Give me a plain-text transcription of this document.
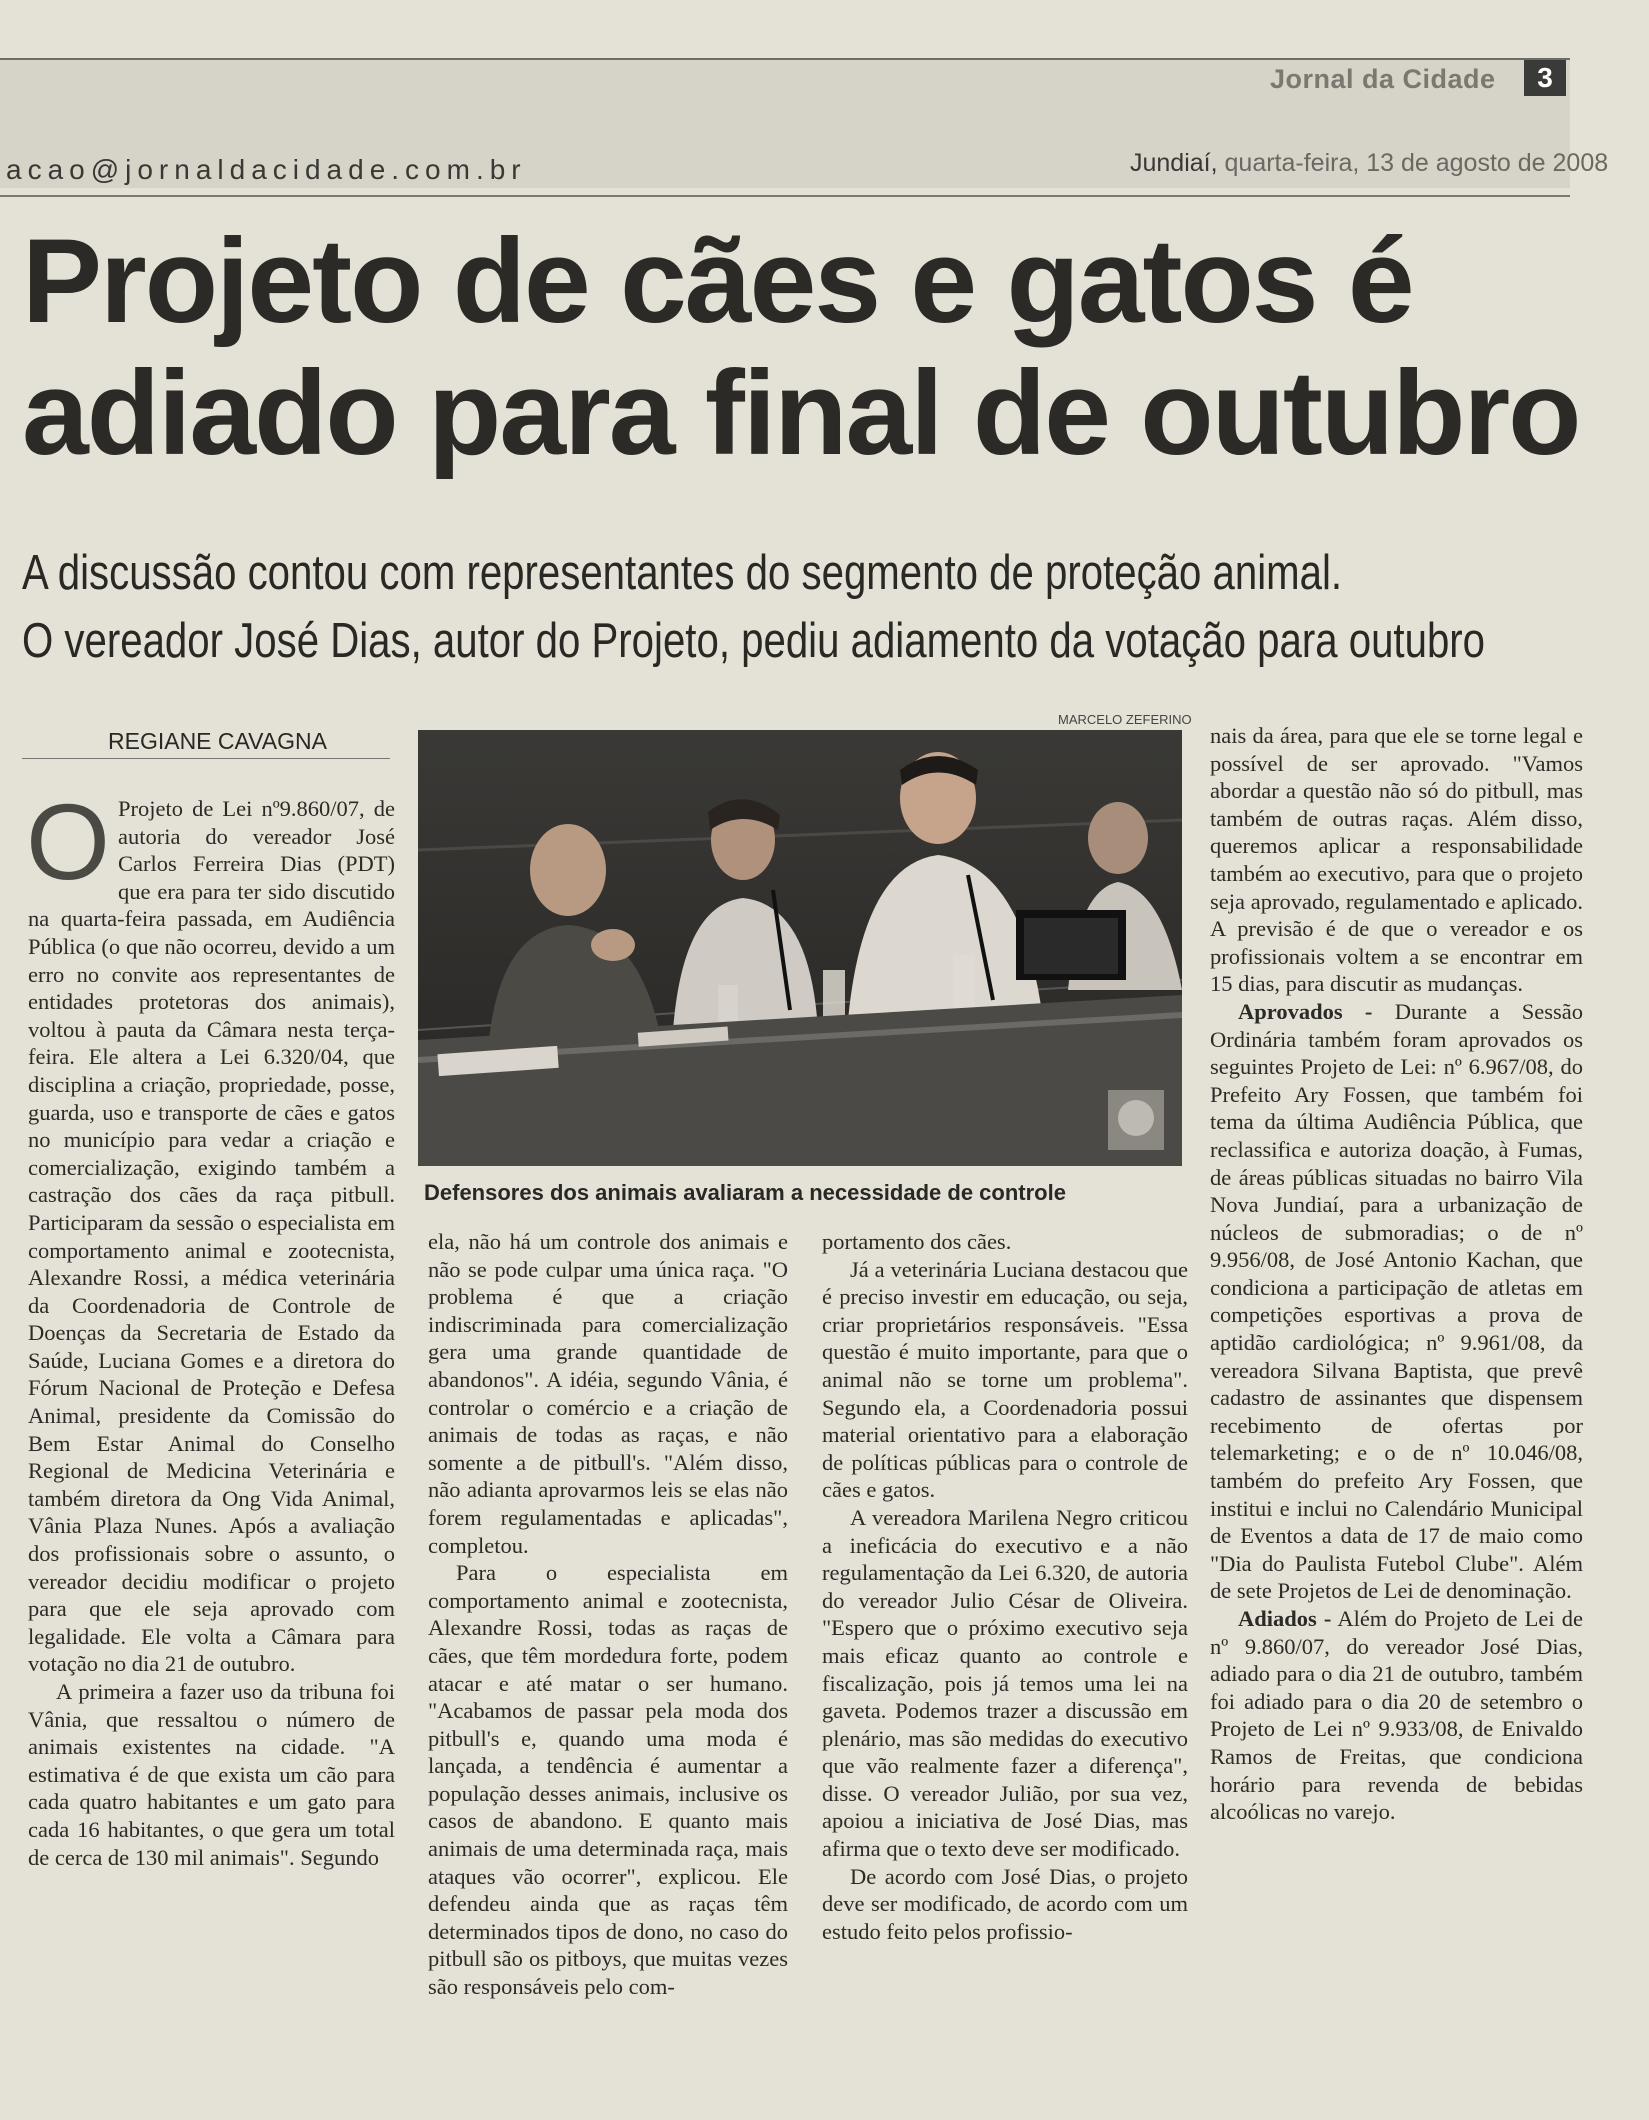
Jornal da Cidade	3
acao@jornaldacidade.com.br	Jundiaí, quarta-feira, 13 de agosto de 2008
Projeto de cães e gatos é
adiado para final de outubro
A discussão contou com representantes do segmento de proteção animal.
O vereador José Dias, autor do Projeto, pediu adiamento da votação para outubro
REGIANE CAVAGNA
MARCELO ZEFERINO
Defensores dos animais avaliaram a necessidade de controle
O Projeto de Lei nº9.860/07, de autoria do vereador José Carlos Ferreira Dias (PDT) que era para ter sido discutido na quarta-feira passada, em Audiência Pública (o que não ocorreu, devido a um erro no convite aos representantes de entidades protetoras dos animais), voltou à pauta da Câmara nesta terça-feira. Ele altera a Lei 6.320/04, que disciplina a criação, propriedade, posse, guarda, uso e transporte de cães e gatos no município para vedar a criação e comercialização, exigindo também a castração dos cães da raça pitbull. Participaram da sessão o especialista em comportamento animal e zootecnista, Alexandre Rossi, a médica veterinária da Coordenadoria de Controle de Doenças da Secretaria de Estado da Saúde, Luciana Gomes e a diretora do Fórum Nacional de Proteção e Defesa Animal, presidente da Comissão do Bem Estar Animal do Conselho Regional de Medicina Veterinária e também diretora da Ong Vida Animal, Vânia Plaza Nunes. Após a avaliação dos profissionais sobre o assunto, o vereador decidiu modificar o projeto para que ele seja aprovado com legalidade. Ele volta a Câmara para votação no dia 21 de outubro.

A primeira a fazer uso da tribuna foi Vânia, que ressaltou o número de animais existentes na cidade. "A estimativa é de que exista um cão para cada quatro habitantes e um gato para cada 16 habitantes, o que gera um total de cerca de 130 mil animais". Segundo

ela, não há um controle dos animais e não se pode culpar uma única raça. "O problema é que a criação indiscriminada para comercialização gera uma grande quantidade de abandonos". A idéia, segundo Vânia, é controlar o comércio e a criação de animais de todas as raças, e não somente a de pitbull's. "Além disso, não adianta aprovarmos leis se elas não forem regulamentadas e aplicadas", completou.

Para o especialista em comportamento animal e zootecnista, Alexandre Rossi, todas as raças de cães, que têm mordedura forte, podem atacar e até matar o ser humano. "Acabamos de passar pela moda dos pitbull's e, quando uma moda é lançada, a tendência é aumentar a população desses animais, inclusive os casos de abandono. E quanto mais animais de uma determinada raça, mais ataques vão ocorrer", explicou. Ele defendeu ainda que as raças têm determinados tipos de dono, no caso do pitbull são os pitboys, que muitas vezes são responsáveis pelo com-

portamento dos cães.

Já a veterinária Luciana destacou que é preciso investir em educação, ou seja, criar proprietários responsáveis. "Essa questão é muito importante, para que o animal não se torne um problema". Segundo ela, a Coordenadoria possui material orientativo para a elaboração de políticas públicas para o controle de cães e gatos.

A vereadora Marilena Negro criticou a ineficácia do executivo e a não regulamentação da Lei 6.320, de autoria do vereador Julio César de Oliveira. "Espero que o próximo executivo seja mais eficaz quanto ao controle e fiscalização, pois já temos uma lei na gaveta. Podemos trazer a discussão em plenário, mas são medidas do executivo que vão realmente fazer a diferença", disse. O vereador Julião, por sua vez, apoiou a iniciativa de José Dias, mas afirma que o texto deve ser modificado.

De acordo com José Dias, o projeto deve ser modificado, de acordo com um estudo feito pelos profissio-

nais da área, para que ele se torne legal e possível de ser aprovado. "Vamos abordar a questão não só do pitbull, mas também de outras raças. Além disso, queremos aplicar a responsabilidade também ao executivo, para que o projeto seja aprovado, regulamentado e aplicado. A previsão é de que o vereador e os profissionais voltem a se encontrar em 15 dias, para discutir as mudanças.

Aprovados - Durante a Sessão Ordinária também foram aprovados os seguintes Projeto de Lei: nº 6.967/08, do Prefeito Ary Fossen, que também foi tema da última Audiência Pública, que reclassifica e autoriza doação, à Fumas, de áreas públicas situadas no bairro Vila Nova Jundiaí, para a urbanização de núcleos de submoradias; o de nº 9.956/08, de José Antonio Kachan, que condiciona a participação de atletas em competições esportivas a prova de aptidão cardiológica; nº 9.961/08, da vereadora Silvana Baptista, que prevê cadastro de assinantes que dispensem recebimento de ofertas por telemarketing; e o de nº 10.046/08, também do prefeito Ary Fossen, que institui e inclui no Calendário Municipal de Eventos a data de 17 de maio como "Dia do Paulista Futebol Clube". Além de sete Projetos de Lei de denominação.

Adiados - Além do Projeto de Lei de nº 9.860/07, do vereador José Dias, adiado para o dia 21 de outubro, também foi adiado para o dia 20 de setembro o Projeto de Lei nº 9.933/08, de Enivaldo Ramos de Freitas, que condiciona horário para revenda de bebidas alcoólicas no varejo.
